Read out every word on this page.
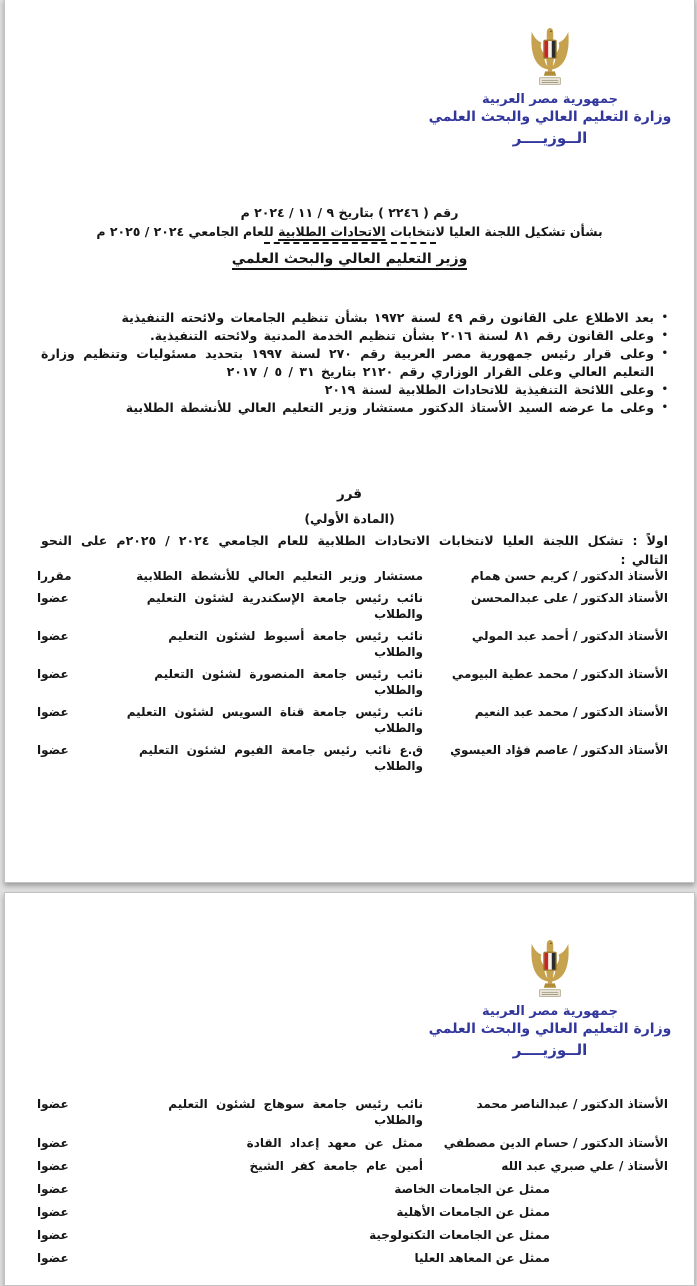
جمهورية مصر العربية
وزارة التعليم العالي والبحث العلمي
الــوزيــــر
رقم ( ٢٢٤٦ ) بتاريخ ٩ / ١١ / ٢٠٢٤ م
بشأن تشكيل اللجنة العليا لانتخابات الاتحادات الطلابية للعام الجامعي ٢٠٢٤ / ٢٠٢٥ م
وزير التعليم العالي والبحث العلمي
•
بعد الاطلاع على القانون رقم ٤٩ لسنة ١٩٧٢ بشأن تنظيم الجامعات ولائحته التنفيذية
•
وعلى القانون رقم ٨١ لسنة ٢٠١٦ بشأن تنظيم الخدمة المدنية ولائحته التنفيذية.
•
وعلى قرار رئيس جمهورية مصر العربية رقم ٢٧٠ لسنة ١٩٩٧ بتحديد مسئوليات وتنظيم وزارة التعليم العالي وعلى القرار الوزاري رقم ٢١٢٠ بتاريخ ٣١ / ٥ / ٢٠١٧
•
وعلى اللائحة التنفيذية للاتحادات الطلابية لسنة ٢٠١٩
•
وعلى ما عرضه السيد الأستاذ الدكتور مستشار وزير التعليم العالي للأنشطة الطلابية
قرر
(المادة الأولي)
اولاً : تشكل اللجنة العليا لانتخابات الاتحادات الطلابية للعام الجامعي ٢٠٢٤ / ٢٠٢٥م على النحو التالي :
الأستاذ الدكتور / كريم حسن همام
مستشار وزير التعليم العالي للأنشطة الطلابية
مقررا
الأستاذ الدكتور / على عبدالمحسن
نائب رئيس جامعة الإسكندرية لشئون التعليم
والطلاب
عضوا
الأستاذ الدكتور / أحمد عبد المولي
نائب رئيس جامعة أسيوط لشئون التعليم
والطلاب
عضوا
الأستاذ الدكتور / محمد عطية البيومي
نائب رئيس جامعة المنصورة لشئون التعليم
والطلاب
عضوا
الأستاذ الدكتور / محمد عبد النعيم
نائب رئيس جامعة قناة السويس لشئون التعليم
والطلاب
عضوا
الأستاذ الدكتور / عاصم فؤاد العيسوي
ق.ع نائب رئيس جامعة الفيوم لشئون التعليم
والطلاب
عضوا
جمهورية مصر العربية
وزارة التعليم العالي والبحث العلمي
الــوزيــــر
الأستاذ الدكتور / عبدالناصر محمد
نائب رئيس جامعة سوهاج لشئون التعليم
والطلاب
عضوا
الأستاذ الدكتور / حسام الدين مصطفي
ممثل عن معهد إعداد القادة
عضوا
الأستاذ / علي صبري عبد الله
أمين عام جامعة كفر الشيخ
عضوا
ممثل عن الجامعات الخاصة
عضوا
ممثل عن الجامعات الأهلية
عضوا
ممثل عن الجامعات التكنولوجية
عضوا
ممثل عن المعاهد العليا
عضوا
